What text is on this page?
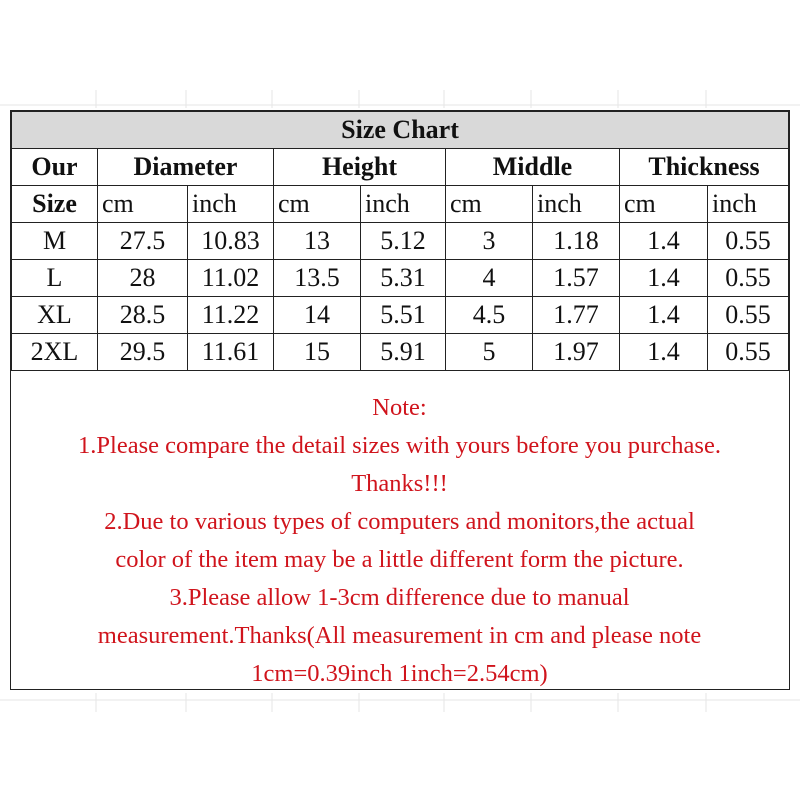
Size Chart								
Our	Diameter		Height		Middle		Thickness	
Size	cm	inch	cm	inch	cm	inch	cm	inch
M	27.5	10.83	13	5.12	3	1.18	1.4	0.55
L	28	11.02	13.5	5.31	4	1.57	1.4	0.55
XL	28.5	11.22	14	5.51	4.5	1.77	1.4	0.55
2XL	29.5	11.61	15	5.91	5	1.97	1.4	0.55
Note:
1.Please compare the detail sizes with yours before you purchase.
Thanks!!!
2.Due to various types of computers and monitors,the actual
color of the item may be a little different form the picture.
3.Please allow 1-3cm difference due to manual
measurement.Thanks(All measurement in cm and please note
1cm=0.39inch 1inch=2.54cm)
